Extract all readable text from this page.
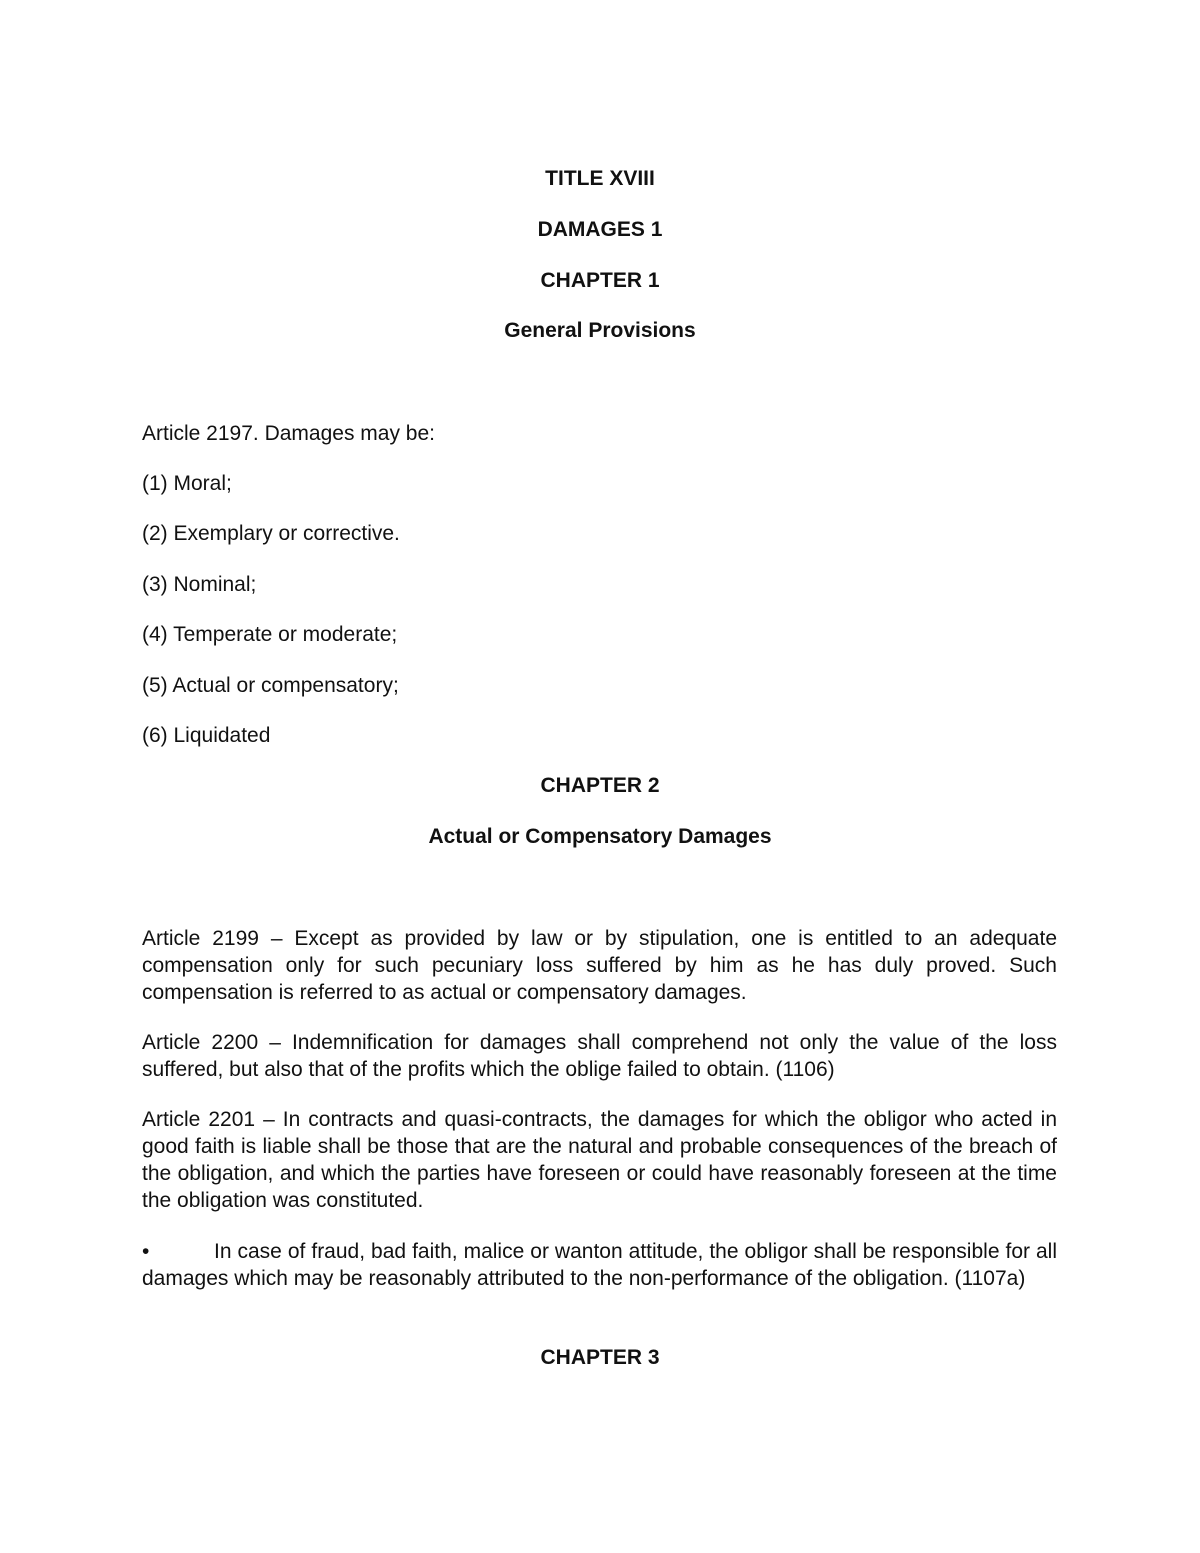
TITLE XVIII

DAMAGES 1

CHAPTER 1

General Provisions

Article 2197. Damages may be:

(1) Moral;

(2) Exemplary or corrective.

(3) Nominal;

(4) Temperate or moderate;

(5) Actual or compensatory;

(6) Liquidated

CHAPTER 2

Actual or Compensatory Damages

Article 2199 – Except as provided by law or by stipulation, one is entitled to an adequate compensation only for such pecuniary loss suffered by him as he has duly proved. Such compensation is referred to as actual or compensatory damages.

Article 2200 – Indemnification for damages shall comprehend not only the value of the loss suffered, but also that of the profits which the oblige failed to obtain. (1106)

Article 2201 – In contracts and quasi-contracts, the damages for which the obligor who acted in good faith is liable shall be those that are the natural and probable consequences of the breach of the obligation, and which the parties have foreseen or could have reasonably foreseen at the time the obligation was constituted.

•	In case of fraud, bad faith, malice or wanton attitude, the obligor shall be responsible for all damages which may be reasonably attributed to the non-performance of the obligation. (1107a)

CHAPTER 3
